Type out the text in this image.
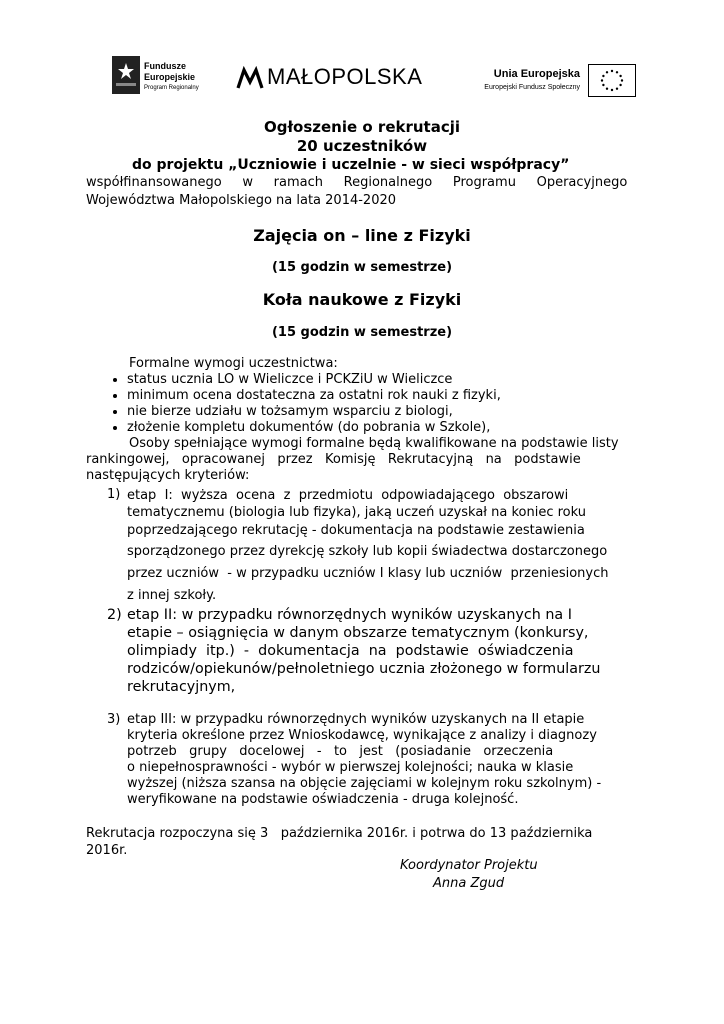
Fundusze
Europejskie
Program Regionalny	MAŁOPOLSKA	Unia Europejska
Europejski Fundusz Społeczny
Ogłoszenie o rekrutacji
20 uczestników
do projektu „Uczniowie i uczelnie - w sieci współpracy”
współfinansowanego     w     ramach     Regionalnego     Programu     Operacyjnego
Województwa Małopolskiego na lata 2014-2020
Zajęcia on – line z Fizyki
(15 godzin w semestrze)
Koła naukowe z Fizyki
(15 godzin w semestrze)
Formalne wymogi uczestnictwa:
• status ucznia LO w Wieliczce i PCKZiU w Wieliczce
• minimum ocena dostateczna za ostatni rok nauki z fizyki,
• nie bierze udziału w tożsamym wsparciu z biologi,
• złożenie kompletu dokumentów (do pobrania w Szkole),
Osoby spełniające wymogi formalne będą kwalifikowane na podstawie listy
rankingowej,   opracowanej   przez   Komisję   Rekrutacyjną   na   podstawie
następujących kryteriów:
1) etap  I:  wyższa  ocena  z  przedmiotu  odpowiadającego  obszarowi
tematycznemu (biologia lub fizyka), jaką uczeń uzyskał na koniec roku
poprzedzającego rekrutację - dokumentacja na podstawie zestawienia
sporządzonego przez dyrekcję szkoły lub kopii świadectwa dostarczonego
przez uczniów  - w przypadku uczniów I klasy lub uczniów  przeniesionych
z innej szkoły.
2) etap II: w przypadku równorzędnych wyników uzyskanych na I
etapie – osiągnięcia w danym obszarze tematycznym (konkursy,
olimpiady  itp.)  -  dokumentacja  na  podstawie  oświadczenia
rodziców/opiekunów/pełnoletniego ucznia złożonego w formularzu
rekrutacyjnym,
3) etap III: w przypadku równorzędnych wyników uzyskanych na II etapie
kryteria określone przez Wnioskodawcę, wynikające z analizy i diagnozy
potrzeb   grupy   docelowej   -   to   jest   (posiadanie   orzeczenia
o niepełnosprawności - wybór w pierwszej kolejności; nauka w klasie
wyższej (niższa szansa na objęcie zajęciami w kolejnym roku szkolnym) -
weryfikowane na podstawie oświadczenia - druga kolejność.
Rekrutacja rozpoczyna się 3   października 2016r. i potrwa do 13 października
2016r.
Koordynator Projektu
Anna Zgud
